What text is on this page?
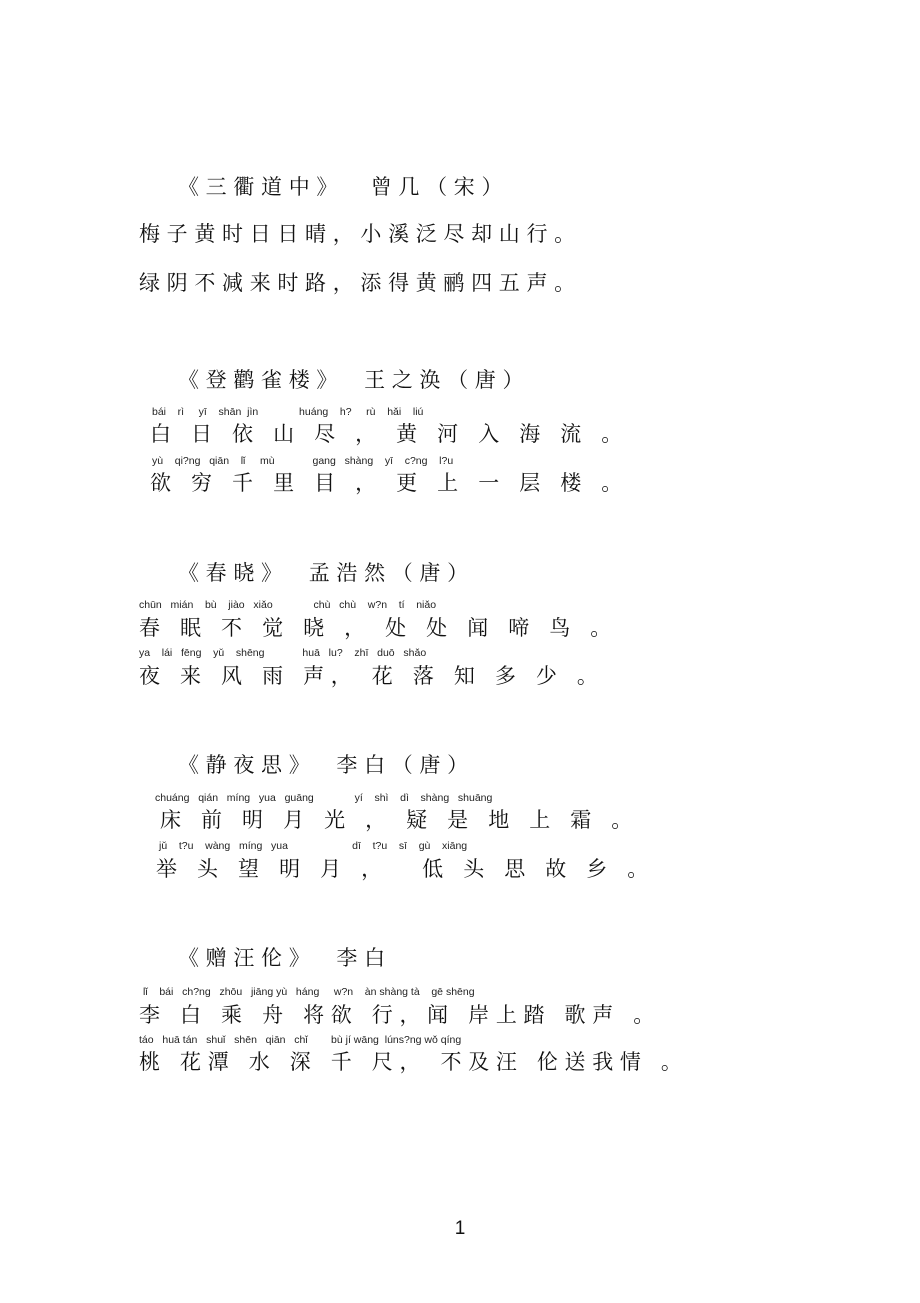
《 三 衢 道 中 》     曾 几 （ 宋 ）
梅 子 黄 时 日 日 晴 ， 小 溪 泛 尽 却 山 行 。
绿 阴 不 减 来 时 路 ， 添 得 黄 鹂 四 五 声 。
《 登 鹳 雀 楼 》    王 之 涣 （ 唐 ）
bái    rì     yī    shān  jìn              huáng    h?     rù    hǎi    liú
白   日   依   山   尽   ，   黄   河   入   海   流   。
yù    qi?ng   qiān    lǐ     mù             gang   shàng    yī    c?ng    l?u
欲   穷   千   里   目   ，   更   上   一   层   楼   。
《 春 晓 》    孟 浩 然 （ 唐 ）
chūn   mián    bù    jiào   xiǎo              chù   chù    w?n    tí    niǎo
春   眠   不   觉   晓   ，   处   处   闻   啼   鸟   。
ya    lái   fēng    yǔ    shēng             huā   lu?    zhī   duō   shǎo
夜   来   风   雨   声 ，   花   落   知   多   少   。
《 静 夜 思 》    李 白 （ 唐 ）
chuáng   qián   míng   yua   guāng              yí    shì    dì    shàng   shuāng
床   前   明   月   光   ，   疑   是   地   上   霜   。
jǔ    t?u    wàng   míng   yua                      dī    t?u    sī    gù    xiāng
举   头   望   明   月   ，      低   头   思   故   乡   。
《 赠 汪 伦 》    李 白
lǐ    bái   ch?ng   zhōu   jiāng yù   háng     w?n    àn shàng tà    gē shēng
李   白   乘   舟   将 欲   行 ， 闻   岸 上 踏   歌 声   。
táo   huā tán   shuǐ   shēn   qiān   chǐ        bù jí wāng  lúns?ng wǒ qíng
桃   花 潭   水   深   千   尺 ，   不 及 汪   伦 送 我 情   。
1
